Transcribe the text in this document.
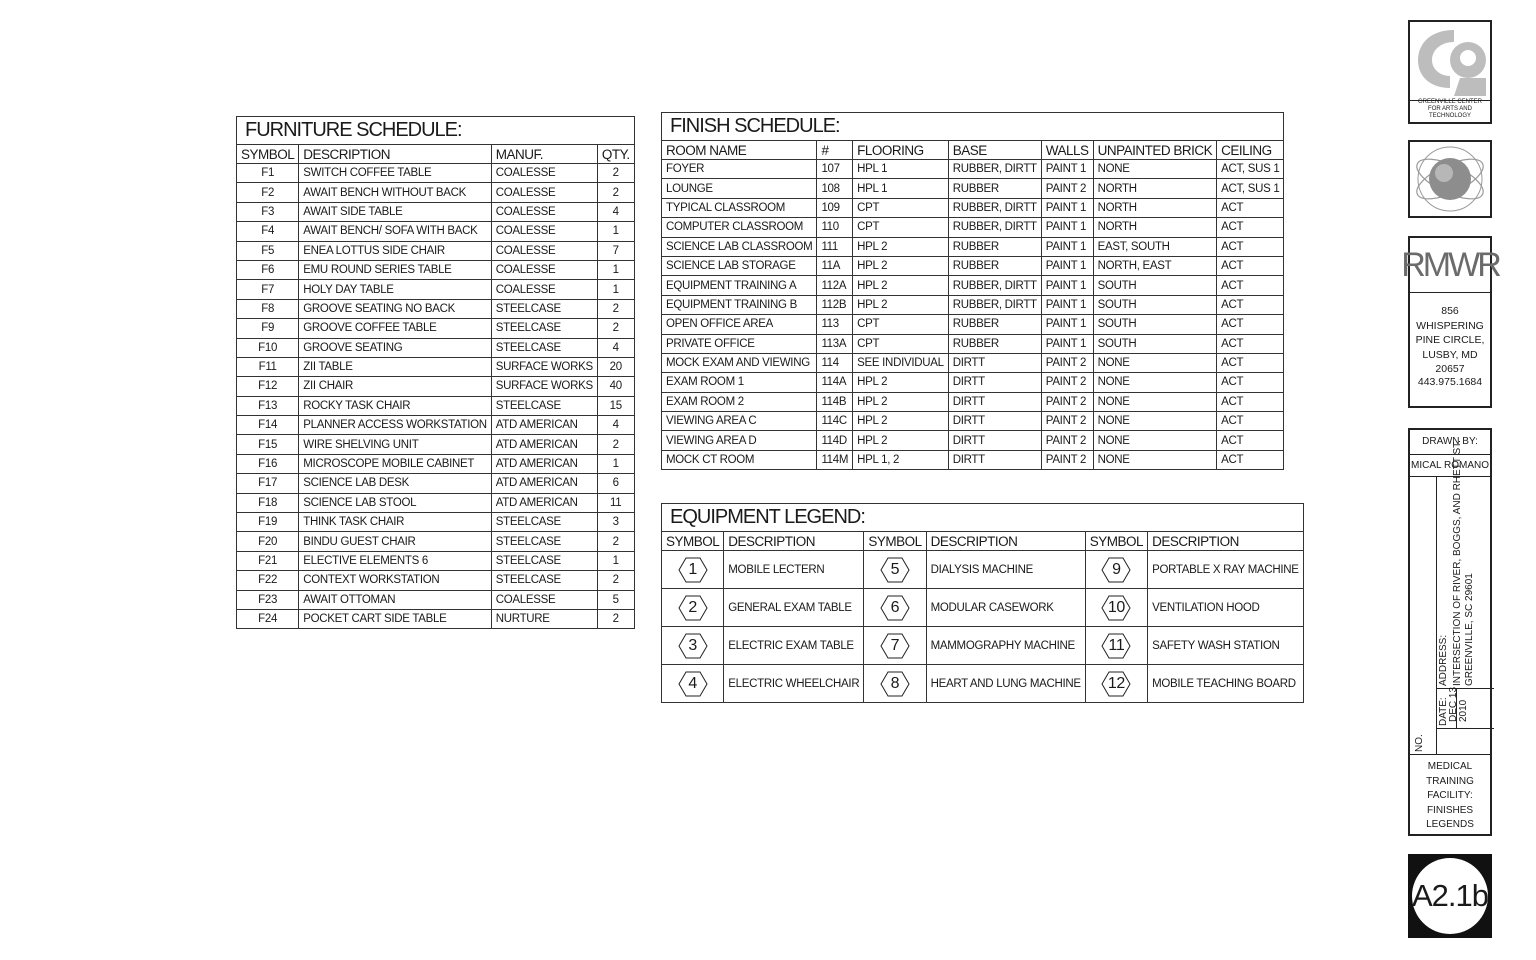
FURNITURE SCHEDULE:			
SYMBOL	DESCRIPTION	MANUF.	QTY.
F1	SWITCH COFFEE TABLE	COALESSE	2
F2	AWAIT BENCH WITHOUT BACK	COALESSE	2
F3	AWAIT SIDE TABLE	COALESSE	4
F4	AWAIT BENCH/ SOFA WITH BACK	COALESSE	1
F5	ENEA LOTTUS SIDE CHAIR	COALESSE	7
F6	EMU ROUND SERIES TABLE	COALESSE	1
F7	HOLY DAY TABLE	COALESSE	1
F8	GROOVE SEATING NO BACK	STEELCASE	2
F9	GROOVE COFFEE TABLE	STEELCASE	2
F10	GROOVE SEATING	STEELCASE	4
F11	ZII TABLE	SURFACE WORKS	20
F12	ZII CHAIR	SURFACE WORKS	40
F13	ROCKY TASK CHAIR	STEELCASE	15
F14	PLANNER ACCESS WORKSTATION	ATD AMERICAN	4
F15	WIRE SHELVING UNIT	ATD AMERICAN	2
F16	MICROSCOPE MOBILE CABINET	ATD AMERICAN	1
F17	SCIENCE LAB DESK	ATD AMERICAN	6
F18	SCIENCE LAB STOOL	ATD AMERICAN	11
F19	THINK TASK CHAIR	STEELCASE	3
F20	BINDU GUEST CHAIR	STEELCASE	2
F21	ELECTIVE ELEMENTS 6	STEELCASE	1
F22	CONTEXT WORKSTATION	STEELCASE	2
F23	AWAIT OTTOMAN	COALESSE	5
F24	POCKET CART SIDE TABLE	NURTURE	2
FINISH SCHEDULE:						
ROOM NAME	#	FLOORING	BASE	WALLS	UNPAINTED BRICK	CEILING
FOYER	107	HPL 1	RUBBER, DIRTT	PAINT 1	NONE	ACT, SUS 1
LOUNGE	108	HPL 1	RUBBER	PAINT 2	NORTH	ACT, SUS 1
TYPICAL CLASSROOM	109	CPT	RUBBER, DIRTT	PAINT 1	NORTH	ACT
COMPUTER CLASSROOM	110	CPT	RUBBER, DIRTT	PAINT 1	NORTH	ACT
SCIENCE LAB CLASSROOM	111	HPL 2	RUBBER	PAINT 1	EAST, SOUTH	ACT
SCIENCE LAB STORAGE	11A	HPL 2	RUBBER	PAINT 1	NORTH, EAST	ACT
EQUIPMENT TRAINING A	112A	HPL 2	RUBBER, DIRTT	PAINT 1	SOUTH	ACT
EQUIPMENT TRAINING B	112B	HPL 2	RUBBER, DIRTT	PAINT 1	SOUTH	ACT
OPEN OFFICE AREA	113	CPT	RUBBER	PAINT 1	SOUTH	ACT
PRIVATE OFFICE	113A	CPT	RUBBER	PAINT 1	SOUTH	ACT
MOCK EXAM AND VIEWING	114	SEE INDIVIDUAL	DIRTT	PAINT 2	NONE	ACT
EXAM ROOM 1	114A	HPL 2	DIRTT	PAINT 2	NONE	ACT
EXAM ROOM 2	114B	HPL 2	DIRTT	PAINT 2	NONE	ACT
VIEWING AREA C	114C	HPL 2	DIRTT	PAINT 2	NONE	ACT
VIEWING AREA D	114D	HPL 2	DIRTT	PAINT 2	NONE	ACT
MOCK CT ROOM	114M	HPL 1, 2	DIRTT	PAINT 2	NONE	ACT
EQUIPMENT LEGEND:					
SYMBOL	DESCRIPTION	SYMBOL	DESCRIPTION	SYMBOL	DESCRIPTION

1	MOBILE LECTERN	5	DIALYSIS MACHINE	9	PORTABLE X RAY MACHINE

2	GENERAL EXAM TABLE	6	MODULAR CASEWORK	10	VENTILATION HOOD

3	ELECTRIC EXAM TABLE	7	MAMMOGRAPHY MACHINE	11	SAFETY WASH STATION

4	ELECTRIC WHEELCHAIR	8	HEART AND LUNG MACHINE	12	MOBILE TEACHING BOARD
GREENVILLE CENTER FOR ARTS AND TECHNOLOGY
RMWR
856 WHISPERING
PINE CIRCLE,
LUSBY, MD
20657
443.975.1684
DRAWN BY:
MICAL ROMANO
NO.
DATE: DEC 13 2010
ADDRESS: INTERSECTION OF RIVER, BOGGS, AND RHETT ST. GREENVILLE, SC 29601
MEDICAL
TRAINING
FACILITY:
FINISHES
LEGENDS
A2.1b
